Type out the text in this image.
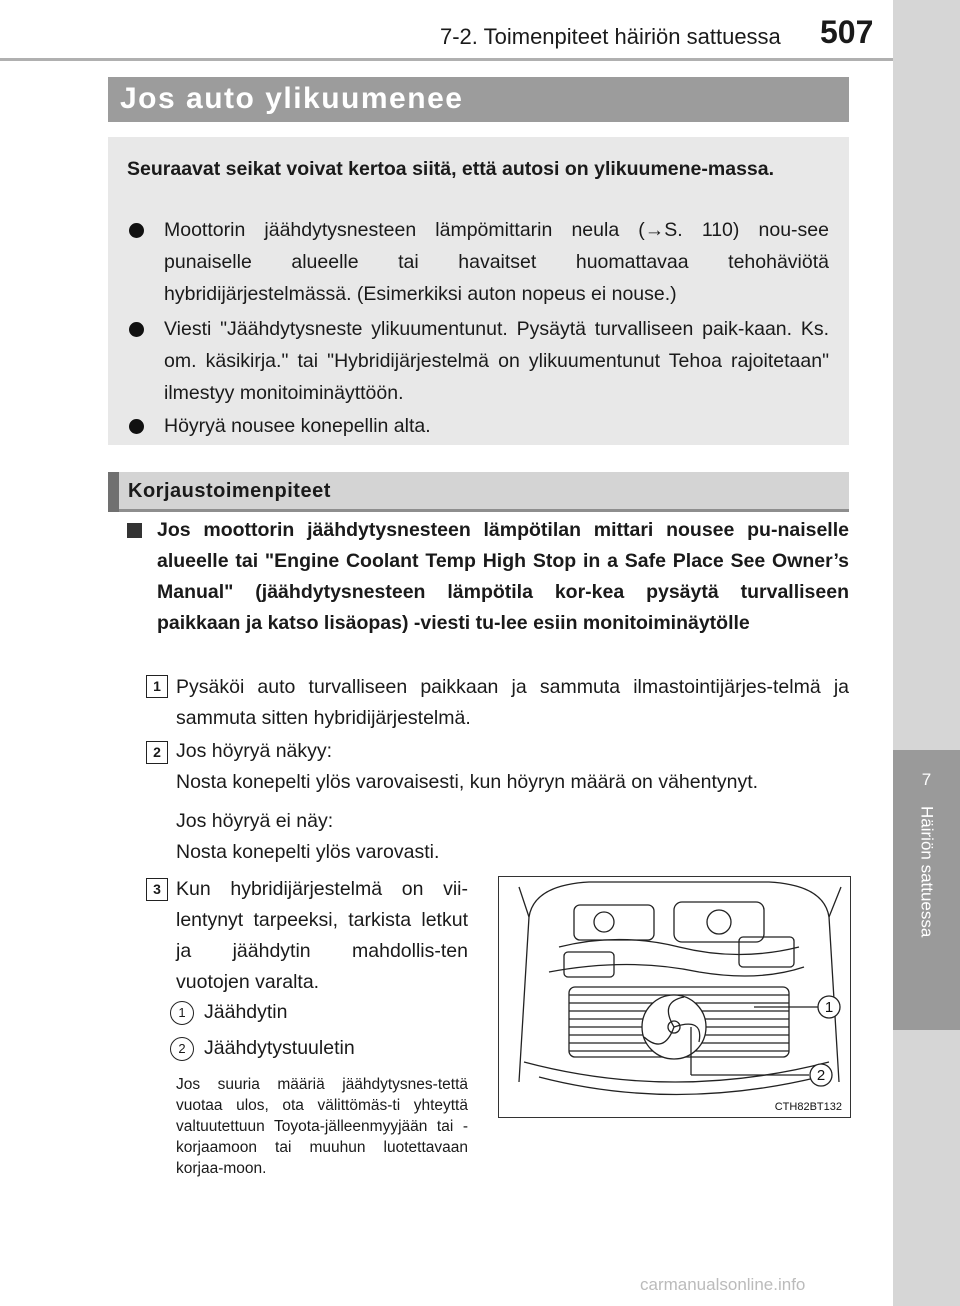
7
Häiriön sattuessa
7-2. Toimenpiteet häiriön sattuessa 507
Jos auto ylikuumenee
Seuraavat seikat voivat kertoa siitä, että autosi on ylikuumene-massa.
Moottorin jäähdytysnesteen lämpömittarin neula (→S. 110) nou-see punaiselle alueelle tai havaitset huomattavaa tehohäviötä hybridijärjestelmässä. (Esimerkiksi auton nopeus ei nouse.)
Viesti "Jäähdytysneste ylikuumentunut. Pysäytä turvalliseen paik-kaan. Ks. om. käsikirja." tai "Hybridijärjestelmä on ylikuumentunut Tehoa rajoitetaan" ilmestyy monitoiminäyttöön.
Höyryä nousee konepellin alta.
Korjaustoimenpiteet
Jos moottorin jäähdytysnesteen lämpötilan mittari nousee pu-naiselle alueelle tai "Engine Coolant Temp High Stop in a Safe Place See Owner’s Manual" (jäähdytysnesteen lämpötila kor-kea pysäytä turvalliseen paikkaan ja katso lisäopas) -viesti tu-lee esiin monitoiminäytölle
1 Pysäköi auto turvalliseen paikkaan ja sammuta ilmastointijärjes-telmä ja sammuta sitten hybridijärjestelmä.
2 Jos höyryä näkyy:
Nosta konepelti ylös varovaisesti, kun höyryn määrä on vähentynyt.
Jos höyryä ei näy:
Nosta konepelti ylös varovasti.
3 Kun hybridijärjestelmä on vii-lentynyt tarpeeksi, tarkista letkut ja jäähdytin mahdollis-ten vuotojen varalta.
1 Jäähdytin
2 Jäähdytystuuletin
Jos suuria määriä jäähdytysnes-tettä vuotaa ulos, ota välittömäs-ti yhteyttä valtuutettuun Toyota-jälleenmyyjään tai -korjaamoon tai muuhun luotettavaan korjaa-moon.
1
2
CTH82BT132
carmanualsonline.info
